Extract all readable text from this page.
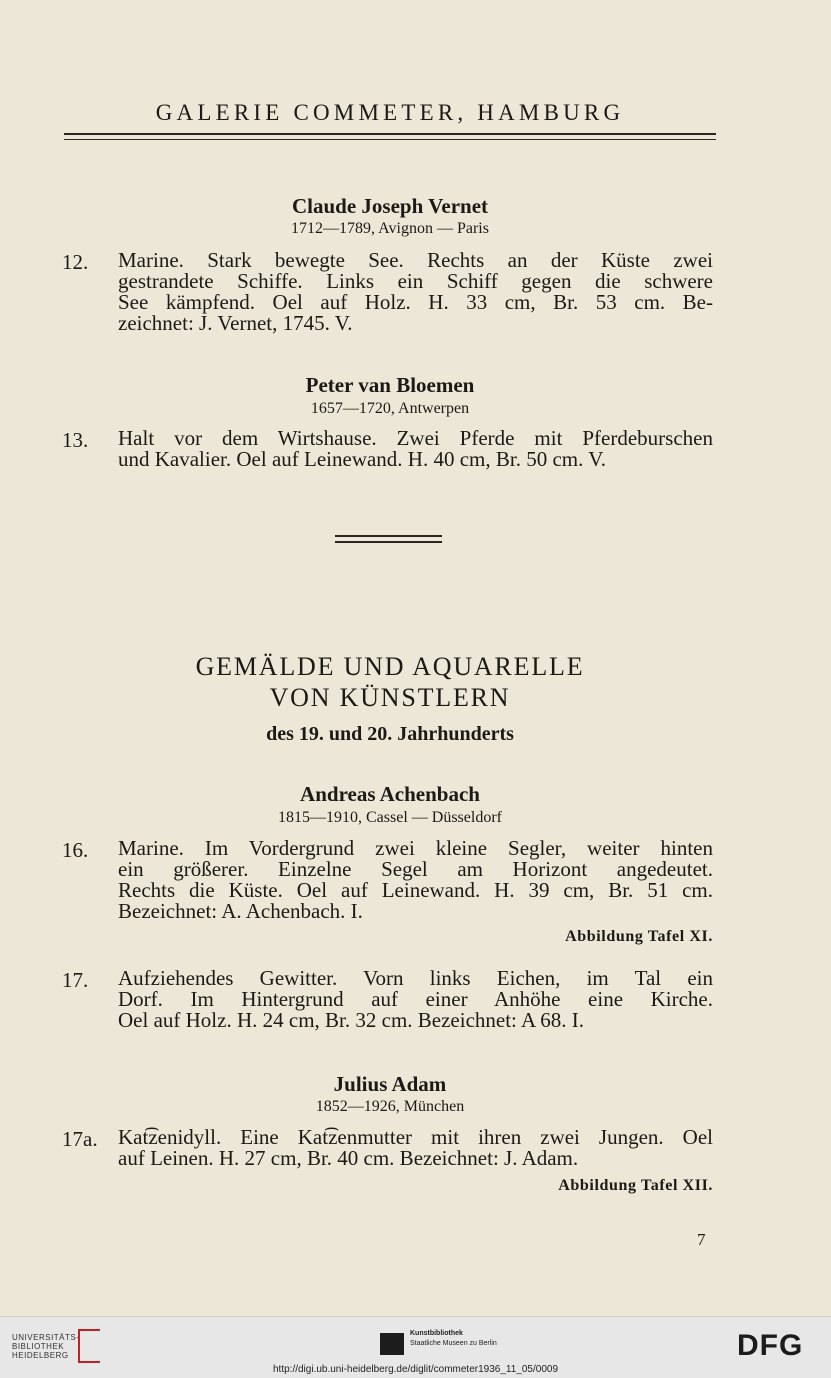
GALERIE COMMETER, HAMBURG
Claude Joseph Vernet
1712—1789, Avignon — Paris
12. Marine. Stark bewegte See. Rechts an der Küste zwei
gestrandete Schiffe. Links ein Schiff gegen die schwere
See kämpfend. Oel auf Holz. H. 33 cm, Br. 53 cm. Be-
zeichnet: J. Vernet, 1745. V.
Peter van Bloemen
1657—1720, Antwerpen
13. Halt vor dem Wirtshause. Zwei Pferde mit Pferdeburschen
und Kavalier. Oel auf Leinewand. H. 40 cm, Br. 50 cm. V.
GEMÄLDE UND AQUARELLE
VON KÜNSTLERN
des 19. und 20. Jahrhunderts
Andreas Achenbach
1815—1910, Cassel — Düsseldorf
16. Marine. Im Vordergrund zwei kleine Segler, weiter hinten
ein größerer. Einzelne Segel am Horizont angedeutet.
Rechts die Küste. Oel auf Leinewand. H. 39 cm, Br. 51 cm.
Bezeichnet: A. Achenbach. I.
Abbildung Tafel XI.
17. Aufziehendes Gewitter. Vorn links Eichen, im Tal ein
Dorf. Im Hintergrund auf einer Anhöhe eine Kirche.
Oel auf Holz. H. 24 cm, Br. 32 cm. Bezeichnet: A 68. I.
Julius Adam
1852—1926, München
17a. Kat͡zenidyll. Eine Kat͡zenmutter mit ihren zwei Jungen. Oel
auf Leinen. H. 27 cm, Br. 40 cm. Bezeichnet: J. Adam.
Abbildung Tafel XII.
7
UNIVERSITÄTS-
BIBLIOTHEK
HEIDELBERG
Kunstbibliothek
Staatliche Museen zu Berlin	DFG
http://digi.ub.uni-heidelberg.de/diglit/commeter1936_11_05/0009
